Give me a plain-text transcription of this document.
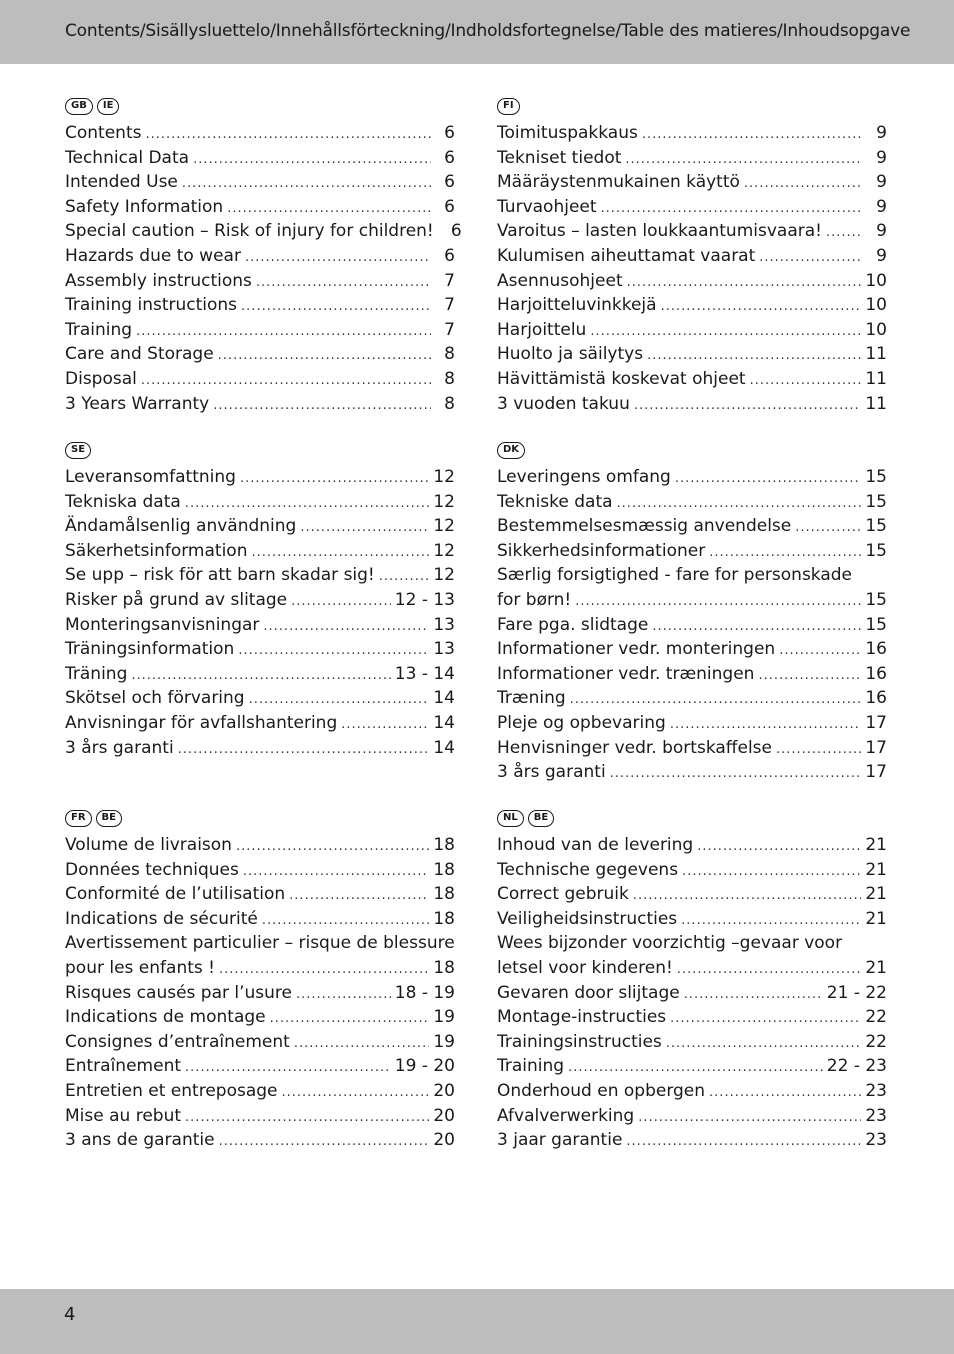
Contents/Sisällysluettelo/Innehållsförteckning/Indholdsfortegnelse/Table des matieres/Inhoudsopgave
GB	IE
Contents .....	6
Technical Data .....	6
Intended Use .....	6
Safety Information .....	6
Special caution – Risk of injury for children!	6
Hazards due to wear .....	6
Assembly instructions .....	7
Training instructions .....	7
Training .....	7
Care and Storage .....	8
Disposal .....	8
3 Years Warranty .....	8
FI
Toimituspakkaus .....	9
Tekniset tiedot .....	9
Määräystenmukainen käyttö .....	9
Turvaohjeet .....	9
Varoitus – lasten loukkaantumisvaara! .....	9
Kulumisen aiheuttamat vaarat .....	9
Asennusohjeet .....	10
Harjoitteluvinkkejä .....	10
Harjoittelu .....	10
Huolto ja säilytys .....	11
Hävittämistä koskevat ohjeet .....	11
3 vuoden takuu .....	11
SE
Leveransomfattning .....	12
Tekniska data .....	12
Ändamålsenlig användning .....	12
Säkerhetsinformation .....	12
Se upp – risk för att barn skadar sig! .....	12
Risker på grund av slitage .....	12 - 13
Monteringsanvisningar .....	13
Träningsinformation .....	13
Träning .....	13 - 14
Skötsel och förvaring .....	14
Anvisningar för avfallshantering .....	14
3 års garanti .....	14
DK
Leveringens omfang .....	15
Tekniske data .....	15
Bestemmelsesmæssig anvendelse .....	15
Sikkerhedsinformationer .....	15
Særlig forsigtighed - fare for personskade
for børn! .....	15
Fare pga. slidtage .....	15
Informationer vedr. monteringen .....	16
Informationer vedr. træningen .....	16
Træning .....	16
Pleje og opbevaring .....	17
Henvisninger vedr. bortskaffelse .....	17
3 års garanti .....	17
FR	BE
Volume de livraison .....	18
Données techniques .....	18
Conformité de l’utilisation .....	18
Indications de sécurité .....	18
Avertissement particulier – risque de blessure
pour les enfants ! .....	18
Risques causés par l’usure .....	18 - 19
Indications de montage .....	19
Consignes d’entraînement .....	19
Entraînement .....	19 - 20
Entretien et entreposage .....	20
Mise au rebut .....	20
3 ans de garantie .....	20
NL	BE
Inhoud van de levering .....	21
Technische gegevens .....	21
Correct gebruik .....	21
Veiligheidsinstructies .....	21
Wees bijzonder voorzichtig –gevaar voor
letsel voor kinderen! .....	21
Gevaren door slijtage .....	21 - 22
Montage-instructies .....	22
Trainingsinstructies .....	22
Training .....	22 - 23
Onderhoud en opbergen .....	23
Afvalverwerking .....	23
3 jaar garantie .....	23
4
